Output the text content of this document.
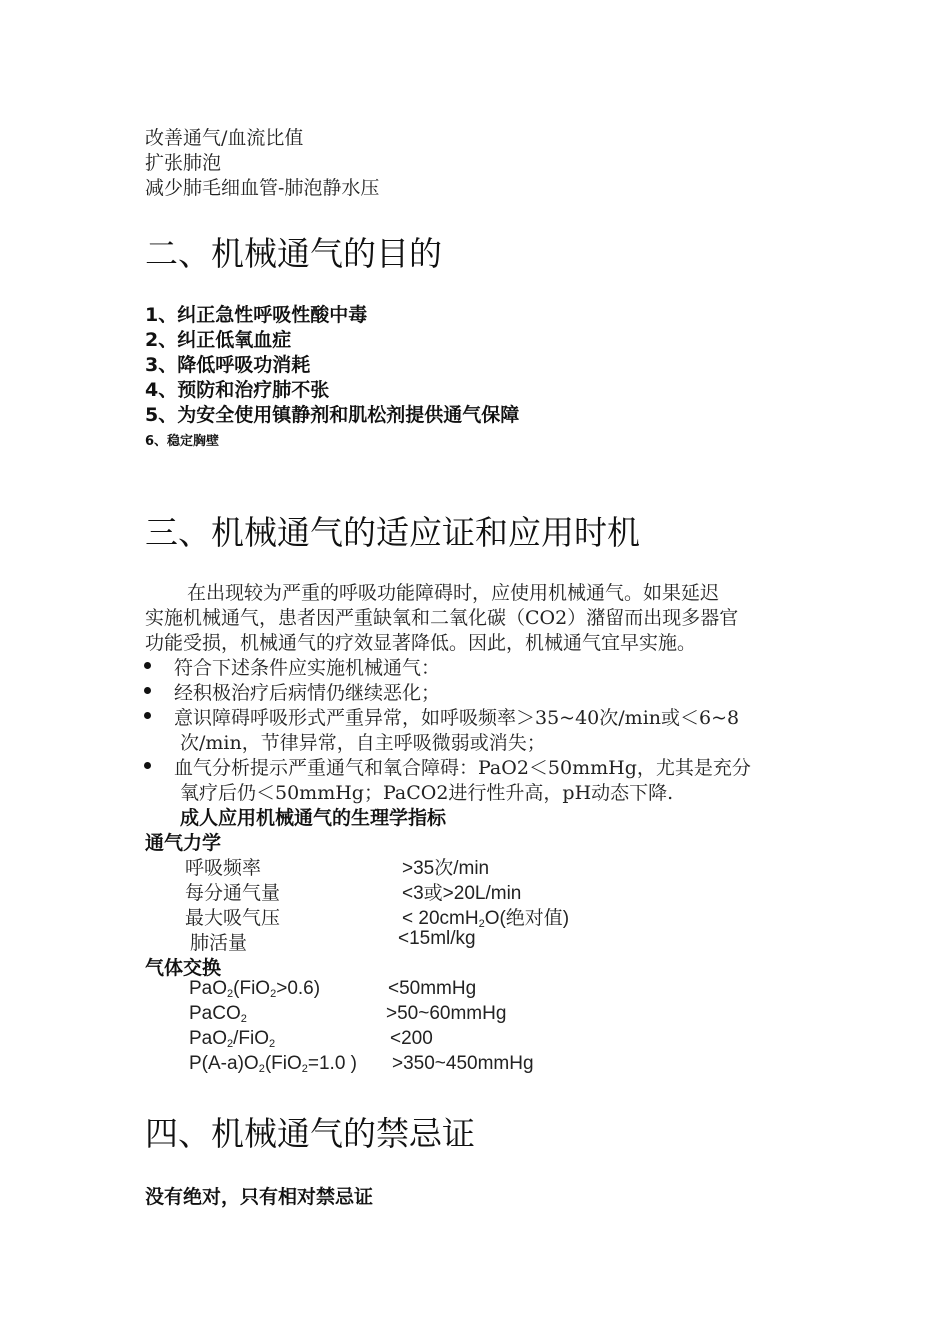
改善通气/血流比值
扩张肺泡
减少肺毛细血管-肺泡静水压
二、机械通气的目的
1、纠正急性呼吸性酸中毒
2、纠正低氧血症
3、降低呼吸功消耗
4、预防和治疗肺不张
5、为安全使用镇静剂和肌松剂提供通气保障
6、稳定胸壁
三、机械通气的适应证和应用时机
在出现较为严重的呼吸功能障碍时，应使用机械通气。如果延迟
实施机械通气，患者因严重缺氧和二氧化碳（CO2）潴留而出现多器官
功能受损，机械通气的疗效显著降低。因此，机械通气宜早实施。
符合下述条件应实施机械通气：
经积极治疗后病情仍继续恶化；
意识障碍呼吸形式严重异常，如呼吸频率＞35~40次/min或＜6~8
次/min，节律异常，自主呼吸微弱或消失；
血气分析提示严重通气和氧合障碍：PaO2＜50mmHg，尤其是充分
氧疗后仍＜50mmHg；PaCO2进行性升高，pH动态下降.
成人应用机械通气的生理学指标
通气力学
呼吸频率	>35次/min
每分通气量	<3或>20L/min
最大吸气压	< 20cmH$_2$O(绝对值)
肺活量	<15ml/kg
气体交换
PaO$_2$(FiO$_2$>0.6)	<50mmHg
PaCO$_2$	>50~60mmHg
PaO$_2$/FiO$_2$	<200
$P(A-a)O_2(FiO_2=1.0$ ) >350~450mmHg
四、机械通气的禁忌证
没有绝对，只有相对禁忌证
